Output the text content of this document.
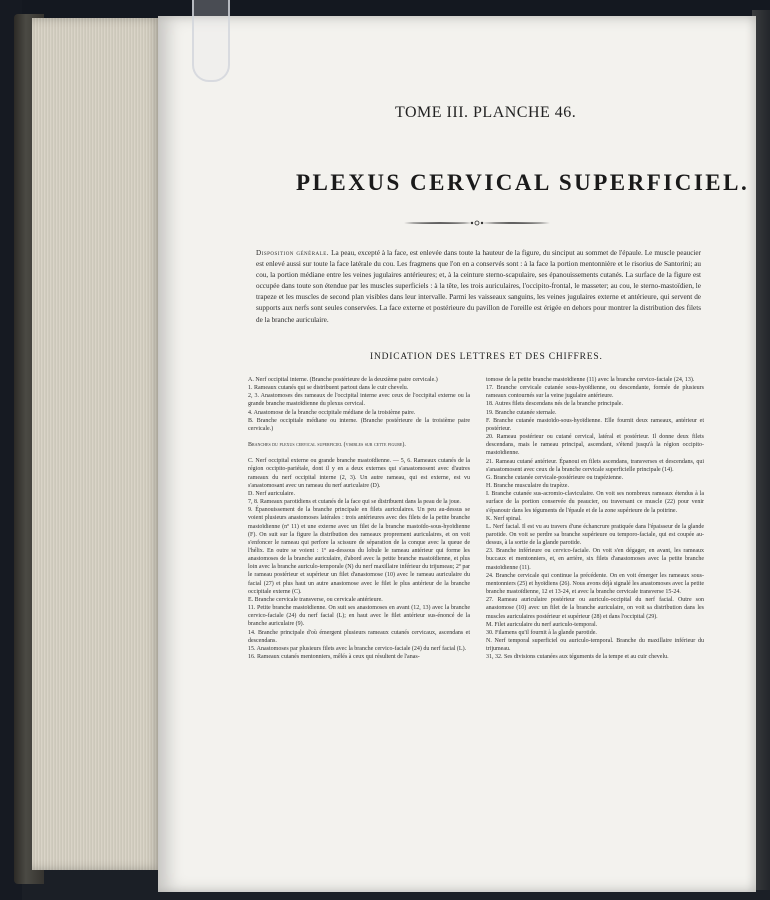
TOME III. PLANCHE 46.
PLEXUS CERVICAL SUPERFICIEL.
Disposition générale. La peau, excepté à la face, est enlevée dans toute la hauteur de la figure, du sinciput au sommet de l'épaule. Le muscle peaucier est enlevé aussi sur toute la face latérale du cou. Les fragmens que l'on en a conservés sont : à la face la portion mentonnière et le risorius de Santorini; au cou, la portion médiane entre les veines jugulaires antérieures; et, à la ceinture sterno-scapulaire, ses épanouissements cutanés. La surface de la figure est occupée dans toute son étendue par les muscles superficiels : à la tête, les trois auriculaires, l'occipito-frontal, le masseter; au cou, le sterno-mastoïdien, le trapeze et les muscles de second plan visibles dans leur intervalle. Parmi les vaisseaux sanguins, les veines jugulaires externe et antérieure, qui servent de supports aux nerfs sont seules conservées. La face externe et postérieure du pavillon de l'oreille est érigée en dehors pour montrer la distribution des filets de la branche auriculaire.
INDICATION DES LETTRES ET DES CHIFFRES.

A. Nerf occipital interne. (Branche postérieure de la deuxième paire cervicale.)

1. Rameaux cutanés qui se distribuent partout dans le cuir chevelu.

2, 3. Anastomoses des rameaux de l'occipital interne avec ceux de l'occipital externe ou la grande branche mastoïdienne du plexus cervical.

4. Anastomose de la branche occipitale médiane de la troisième paire.

B. Branche occipitale médiane ou interne. (Branche postérieure de la troisième paire cervicale.)

Branches du plexus cervical superficiel (visibles sur cette figure).

C. Nerf occipital externe ou grande branche mastoïdienne. — 5, 6. Rameaux cutanés de la région occipito-pariétale, dont il y en a deux externes qui s'anastomosent avec d'autres rameaux du nerf occipital interne (2, 3). Un autre rameau, qui est externe, est vu s'anastomosant avec un rameau du nerf auriculaire (D).

D. Nerf auriculaire.

7, 8. Rameaux parotidiens et cutanés de la face qui se distribuent dans la peau de la joue.

9. Épanouissement de la branche principale en filets auriculaires. Un peu au-dessus se voient plusieurs anastomoses latérales : trois antérieures avec des filets de la petite branche mastoïdienne (nº 11) et une externe avec un filet de la branche mastoïdo-sous-hyoïdienne (F). On suit sur la figure la distribution des rameaux proprement auriculaires, et on voit s'enfoncer le rameau qui perfore la scissure de séparation de la conque avec la queue de l'hélix. En outre se voient : 1º au-dessous du lobule le rameau antérieur qui forme les anastomoses de la branche auriculaire, d'abord avec la petite branche mastoïdienne, et plus loin avec la branche auriculo-temporale (N) du nerf maxillaire inférieur du trijumeau; 2º par le rameau postérieur et supérieur un filet d'anastomose (10) avec le rameau auriculaire du facial (27) et plus haut un autre anastomose avec le filet le plus antérieur de la branche occipitale externe (C).

E. Branche cervicale transverse, ou cervicale antérieure.

11. Petite branche mastoïdienne. On suit ses anastomoses en avant (12, 13) avec la branche cervico-faciale (24) du nerf facial (L); en haut avec le filet antérieur sus-énoncé de la branche auriculaire (9).

14. Branche principale d'où émergent plusieurs rameaux cutanés cervicaux, ascendans et descendans.

15. Anastomoses par plusieurs filets avec la branche cervico-faciale (24) du nerf facial (L).

16. Rameaux cutanés mentonniers, mêlés à ceux qui résultent de l'anas-

tomose de la petite branche mastoïdienne (11) avec la branche cervico-faciale (24, 13).

17. Branche cervicale cutanée sous-hyoïdienne, ou descendante, formée de plusieurs rameaux contournés sur la veine jugulaire antérieure.

18. Autres filets descendans nés de la branche principale.

19. Branche cutanée sternale.

F. Branche cutanée mastoïdo-sous-hyoïdienne. Elle fournit deux rameaux, antérieur et postérieur.

20. Rameau postérieur ou cutané cervical, latéral et postérieur. Il donne deux filets descendans, mais le rameau principal, ascendant, s'étend jusqu'à la région occipito-mastoïdienne.

21. Rameau cutané antérieur. Épanoui en filets ascendans, transverses et descendans, qui s'anastomosent avec ceux de la branche cervicale superficielle principale (14).

G. Branche cutanée cervicale-postérieure ou trapézienne.

H. Branche musculaire du trapèze.

I. Branche cutanée sus-acromio-claviculaire. On voit ses nombreux rameaux étendus à la surface de la portion conservée du peaucier, ou traversant ce muscle (22) pour venir s'épanouir dans les téguments de l'épaule et de la zone supérieure de la poitrine.

K. Nerf spinal.

L. Nerf facial. Il est vu au travers d'une échancrure pratiquée dans l'épaisseur de la glande parotide. On voit se perdre sa branche supérieure ou temporo-faciale, qui est coupée au-dessus, à la sortie de la glande parotide.

23. Branche inférieure ou cervico-faciale. On voit s'en dégager, en avant, les rameaux buccaux et mentonniers, et, en arrière, six filets d'anastomoses avec la petite branche mastoïdienne (11).

24. Branche cervicale qui continue la précédente. On en voit émerger les rameaux sous-mentonniers (25) et hyoïdiens (26). Nous avons déjà signalé les anastomoses avec la petite branche mastoïdienne, 12 et 13-24, et avec la branche cervicale transverse 15-24.

27. Rameau auriculaire postérieur ou auriculo-occipital du nerf facial. Outre son anastomose (10) avec un filet de la branche auriculaire, on voit sa distribution dans les muscles auriculaires postérieur et supérieur (28) et dans l'occipital (29).

M. Filet auriculaire du nerf auriculo-temporal.

30. Filamens qu'il fournit à la glande parotide.

N. Nerf temporal superficiel ou auriculo-temporal. Branche du maxillaire inférieur du trijumeau.

31, 32. Ses divisions cutanées aux téguments de la tempe et au cuir chevelu.
